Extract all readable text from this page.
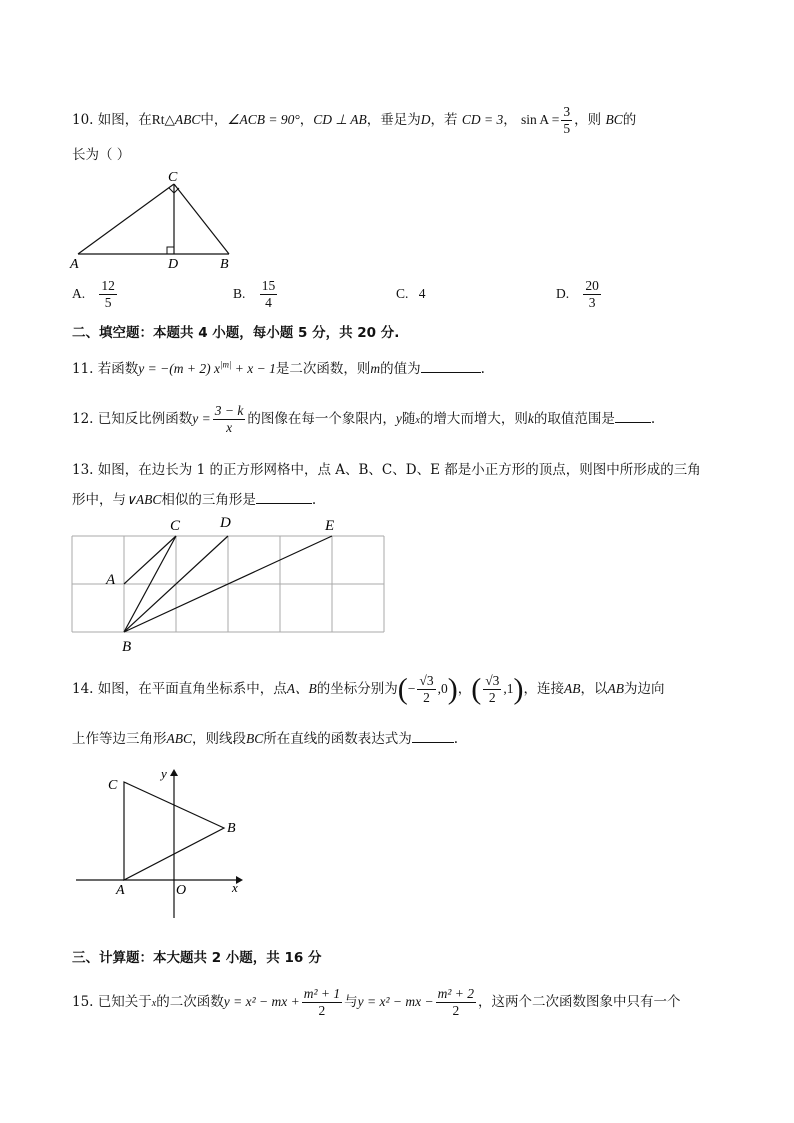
10. 如图，在Rt△ABC中，∠ACB = 90°，CD ⊥ AB，垂足为D，若 CD = 3， $\sin A = \frac{3}{5}$ ，则 BC的
长为（ ）
C
A	D	B
A. $\frac{12}{5}$	B. $\frac{15}{4}$	C. 4	D. $\frac{20}{3}$
二、填空题：本题共 4 小题，每小题 5 分，共 20 分.
11. 若函数y = −(m + 2) $x^{|m|} + x - 1$是二次函数，则m的值为	.
12. 已知反比例函数$y = \frac{3 - k}{x}$ 的图像在每一个象限内，y随x的增大而增大，则k的取值范围是	.
13. 如图，在边长为 1 的正方形网格中，点 A、B、C、D、E 都是小正方形的顶点，则图中所形成的三角
形中，与∨ABC相似的三角形是	.
A
B
C	D	E
14. 如图，在平面直角坐标系中，点A、B的坐标分别为(− $\frac{√3}{2} ,0$)，( $\frac{√3}{2} ,1$)，连接AB，以AB为边向
上作等边三角形ABC，则线段BC所在直线的函数表达式为	.
C
B
A	O	x
y
三、计算题：本大题共 2 小题，共 16 分
15. 已知关于x的二次函数y = x² − mx + $\frac{\text{m² + 1}}{2}$ 与y = x² − mx − $\frac{\text{m² + 2}}{2}$ ，这两个二次函数图象中只有一个
